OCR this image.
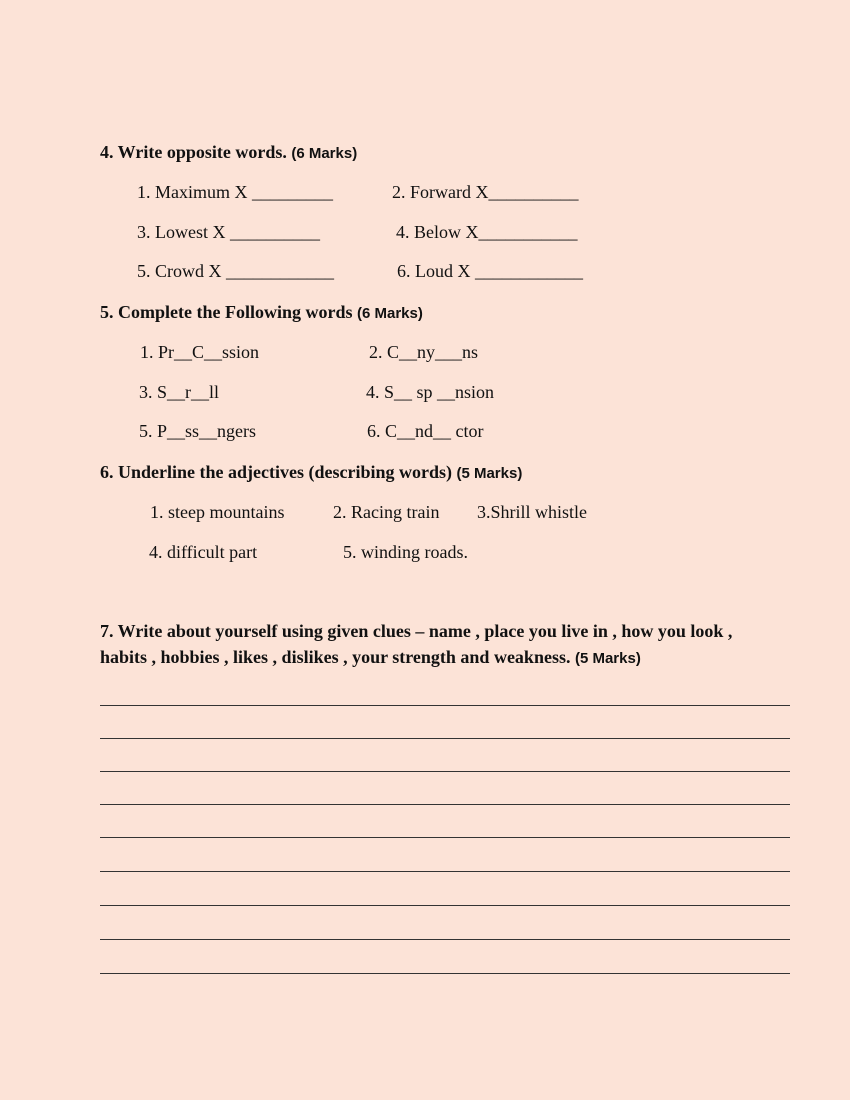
4. Write opposite words. (6 Marks)
1. Maximum X _________	2. Forward X__________
3. Lowest X __________	4. Below X___________
5. Crowd X ____________	6. Loud X ____________
5. Complete the Following words (6 Marks)
1. Pr__C__ssion	2. C__ny___ns
3. S__r__ll	4. S__ sp __nsion
5. P__ss__ngers	6. C__nd__ ctor
6. Underline the adjectives (describing words) (5 Marks)
1. steep mountains	2. Racing train 3.Shrill whistle
4. difficult part	5. winding roads.
7. Write about yourself using given clues – name , place you live in , how you look ,
habits , hobbies , likes , dislikes , your strength and weakness. (5 Marks)
